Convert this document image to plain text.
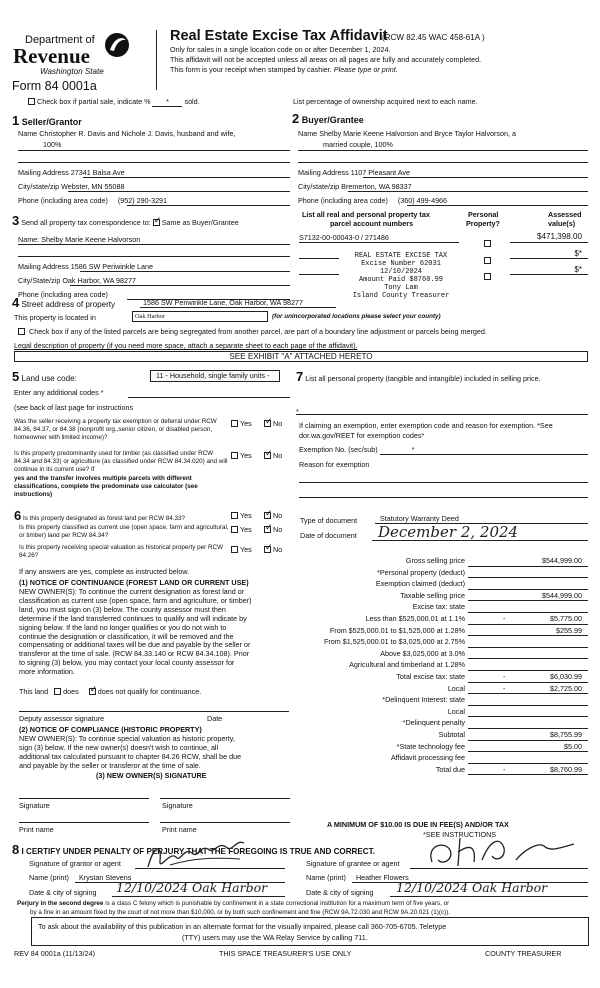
Department of
Revenue
Washington State
Form 84 0001a
Real Estate Excise Tax Affidavit
(RCW 82.45 WAC 458-61A )
Only for sales in a single location code on or after December 1, 2024.
This affidavit will not be accepted unless all areas on all pages are fully and accurately completed.
This form is your receipt when stamped by cashier. Please type or print.
Check box if partial sale, indicate % * sold.	List percentage of ownership acquired next to each name.
1 Seller/Grantor
Name Christopher R. Davis and Nichole J. Davis, husband and wife,
100%
Mailing Address 27341 Balsa Ave
City/state/zip Webster, MN 55088
Phone (including area code) (952) 290-3291
2 Buyer/Grantee
Name Shelby Marie Keene Halvorson and Bryce Taylor Halvorson, a
married couple, 100%
Mailing Address 1107 Pleasant Ave
City/state/zip Bremerton, WA 98337
Phone (including area code) (360) 499-4966
3 Send all property tax correspondence to: ✓ Same as Buyer/Grantee
Name: Shelby Marie Keene Halvorson
Mailing Address 1586 SW Periwinkle Lane
City/State/zip Oak Harbor, WA 98277
Phone (including area code)
List all real and personal property tax
parcel account numbers
Personal
Property?
Assessed
value(s)
S7132-00-00043-0 / 271486	$471,398.00
$*
$*
REAL ESTATE EXCISE TAX
Excise Number 62031
12/10/2024
Amount Paid $8760.99
Tony Lam
Island County Treasurer
4 Street address of property	1586 SW Periwinkle Lane, Oak Harbor, WA 98277
This property is located in	Oak Harbor	(for unincorporated locations please select your county)
Check box if any of the listed parcels are being segregated from another parcel, are part of a boundary line adjustment or parcels being merged.
Legal description of property (if you need more space, attach a separate sheet to each page of the affidavit).
SEE EXHIBIT "A" ATTACHED HERETO
5 Land use code:	11 - Household, single family units -
Enter any additional codes *
(see back of last page for instructions
Was the seller receiving a property tax exemption or deferral under RCW 84.36, 84.37, or 84.38 (nonprofit org.,senior citizen, or disabled person, homeowner with limited income)?
Yes ✓	No
Is this property predominantly used for timber (as classified under RCW 84.34 and 84.33) or agriculture (as classified under RCW 84.34.020) and will continue in its current use? If
yes and the transfer involves multiple parcels with different classifications, complete the predominate use calculator (see instructions)
Yes ✓	No
7 List all personal property (tangible and intangible) included in selling price.
*
If claiming an exemption, enter exemption code and reason for exemption. *See dor.wa.gov/REET for exemption codes*
Exemption No. (sec/sub)	*
Reason for exemption
6 Is this property designated as forest land per RCW 84.33?	Yes ✓	No
Is this property classified as current use (open space, farm and agricultural, or timber) land per RCW 84.34?
Yes ✓	No
Is this property receiving special valuation as historical property per RCW 84.26?
Yes ✓	No
If any answers are yes, complete as instructed below.
(1) NOTICE OF CONTINUANCE (FOREST LAND OR CURRENT USE)
NEW OWNER(S): To continue the current designation as forest land or
classification as current use (open space, farm and agriculture, or timber)
land, you must sign on (3) below. The county assessor must then
determine if the land transferred continues to qualify and will indicate by
signing below. If the land no longer qualifies or you do not wish to
continue the designation or classification, it will be removed and the
compensating or additional taxes will be due and payable by the seller or
transferor at the time of sale. (RCW 84.33.140 or RCW 84.34.108). Prior
to signing (3) below, you may contact your local county assessor for
more information.
This land does ✓	does not qualify for continuance.
Deputy assessor signature	Date
(2) NOTICE OF COMPLIANCE (HISTORIC PROPERTY)
NEW OWNER(S): To continue special valuation as historic property,
sign (3) below. If the new owner(s) doesn't wish to continue, all
additional tax calculated pursuant to chapter 84.26 RCW, shall be due
and payable by the seller or transferor at the time of sale.
(3) NEW OWNER(S) SIGNATURE
Signature	Signature
Print name	Print name
Type of document	Statutory Warranty Deed
Date of document December 2, 2024
Gross selling price	$544,999.00
*Personal property (deduct)
Exemption claimed (deduct)
Taxable selling price	$544,999.00
Excise tax: state
Less than $525,000.01 at 1.1%	-	$5,775.00
From $525,000.01 to $1,525,000 at 1.28%	$255.99
From $1,525,000.01 to $3,025,000 at 2.75%
Above $3,025,000 at 3.0%
Agricultural and timberland at 1.28%
Total excise tax: state	-	$6,030.99
Local	-	$2,725.00
*Delinquent Interest: state
Local
*Delinquent penalty
Subtotal	$8,755.99
*State technology fee	$5.00
Affidavit processing fee
Total due	-	$8,760.99
A MINIMUM OF $10.00 IS DUE IN FEE(S) AND/OR TAX
*SEE INSTRUCTIONS
8 I CERTIFY UNDER PENALTY OF PERJURY THAT THE FOREGOING IS TRUE AND CORRECT.
Signature of grantor or agent	Signature of grantee or agent
Name (print) Krystan Stevens	Name (print) Heather Flowers
Date & city of signing 12/10/2024 Oak Harbor	Date & city of signing 12/10/2024 Oak Harbor
Perjury in the second degree is a class C felony which is punishable by confinement in a state correctional institution for a maximum term of five years, or
by a fine in an amount fixed by the court of not more than $10,000, or by both such confinement and fine (RCW 9A.72.030 and RCW 9A.20.021 (1)(c)).
To ask about the availability of this publication in an alternate format for the visually impaired, please call 360-705-6705. Teletype
(TTY) users may use the WA Relay Service by calling 711.
REV 84 0001a (11/13/24)	THIS SPACE TREASURER'S USE ONLY	COUNTY TREASURER
